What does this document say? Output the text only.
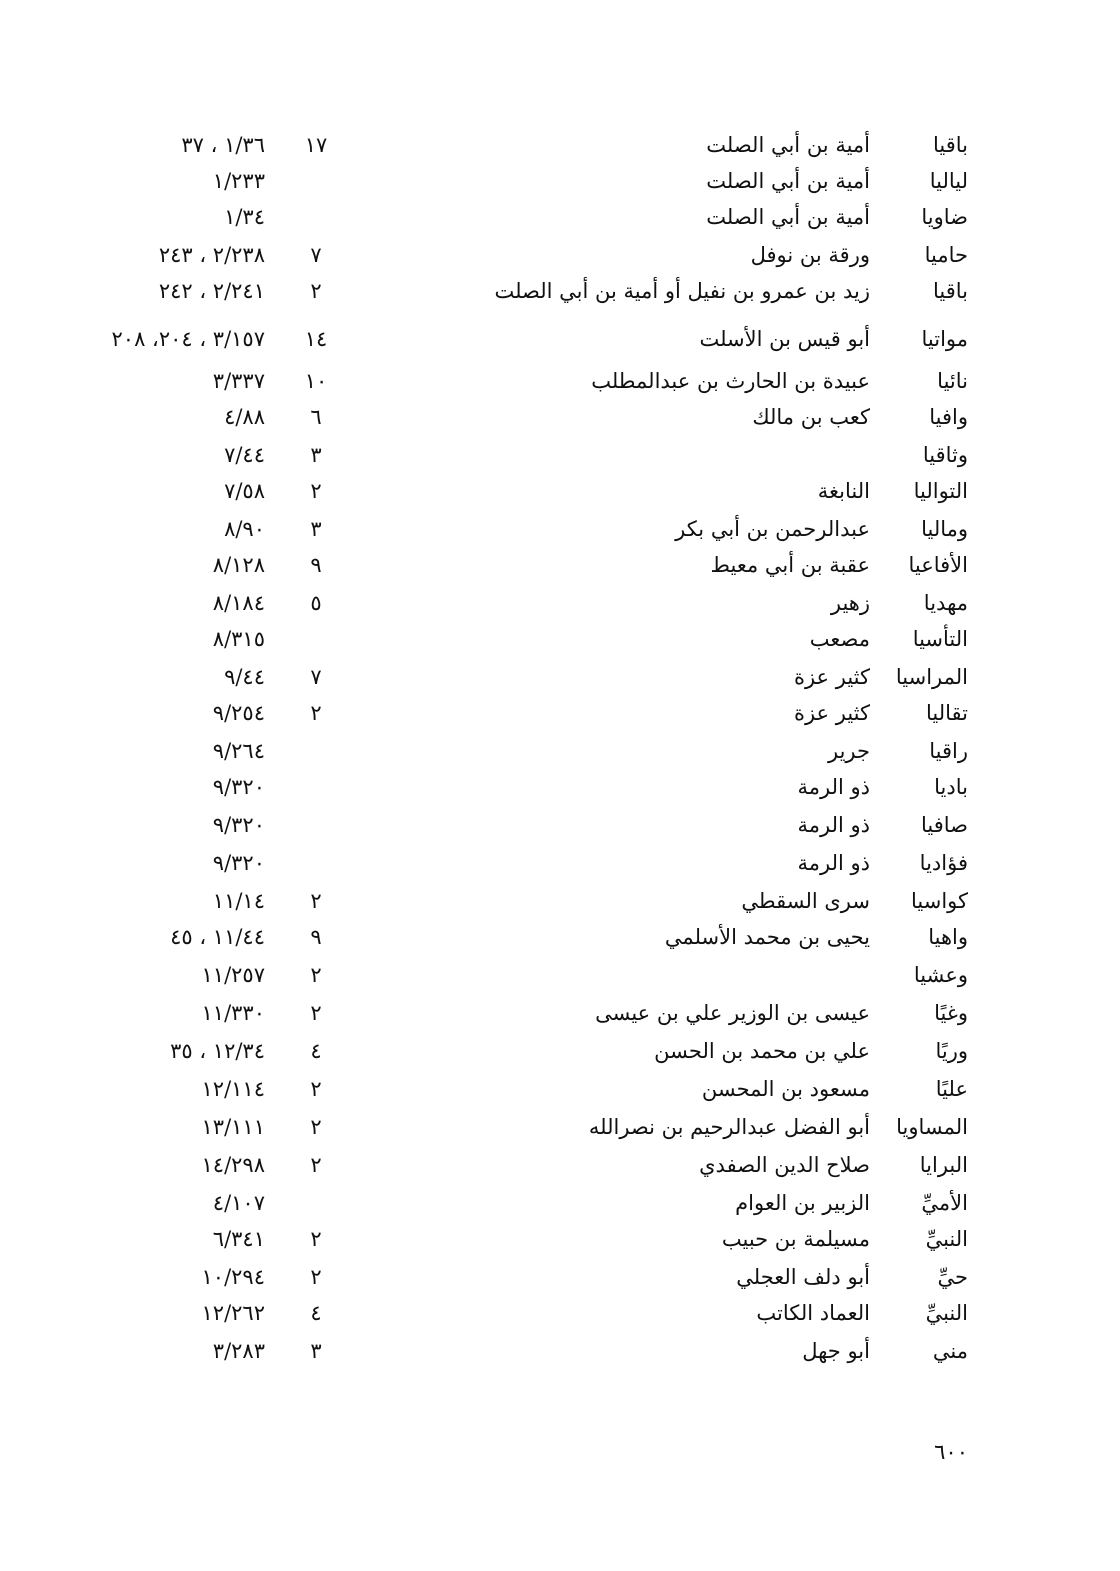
باقيا
أمية بن أبي الصلت
١٧
١/٣٦ ، ٣٧
لياليا
أمية بن أبي الصلت
١/٢٣٣
ضاويا
أمية بن أبي الصلت
١/٣٤
حاميا
ورقة بن نوفل
٧
٢/٢٣٨ ، ٢٤٣
باقيا
زيد بن عمرو بن نفيل أو أمية بن أبي الصلت
٢
٢/٢٤١ ، ٢٤٢
مواتيا
أبو قيس بن الأسلت
١٤
٣/١٥٧ ، ٢٠٤، ٢٠٨
نائيا
عبيدة بن الحارث بن عبدالمطلب
١٠
٣/٣٣٧
وافيا
كعب بن مالك
٦
٤/٨٨
وثاقيا
٣
٧/٤٤
التواليا
النابغة
٢
٧/٥٨
وماليا
عبدالرحمن بن أبي بكر
٣
٨/٩٠
الأفاعيا
عقبة بن أبي معيط
٩
٨/١٢٨
مهديا
زهير
٥
٨/١٨٤
التأسيا
مصعب
٨/٣١٥
المراسيا
كثير عزة
٧
٩/٤٤
تقاليا
كثير عزة
٢
٩/٢٥٤
راقيا
جرير
٩/٢٦٤
باديا
ذو الرمة
٩/٣٢٠
صافيا
ذو الرمة
٩/٣٢٠
فؤاديا
ذو الرمة
٩/٣٢٠
كواسيا
سرى السقطي
٢
١١/١٤
واهيا
يحيى بن محمد الأسلمي
٩
١١/٤٤ ، ٤٥
وعشيا
٢
١١/٢٥٧
وغيًا
عيسى بن الوزير علي بن عيسى
٢
١١/٣٣٠
وريًا
علي بن محمد بن الحسن
٤
١٢/٣٤ ، ٣٥
عليًا
مسعود بن المحسن
٢
١٢/١١٤
المساويا
أبو الفضل عبدالرحيم بن نصرالله
٢
١٣/١١١
البرايا
صلاح الدين الصفدي
٢
١٤/٢٩٨
الأميِّ
الزبير بن العوام
٤/١٠٧
النبيِّ
مسيلمة بن حبيب
٢
٦/٣٤١
حيِّ
أبو دلف العجلي
٢
١٠/٢٩٤
النبيِّ
العماد الكاتب
٤
١٢/٢٦٢
مني
أبو جهل
٣
٣/٢٨٣
٦٠٠
